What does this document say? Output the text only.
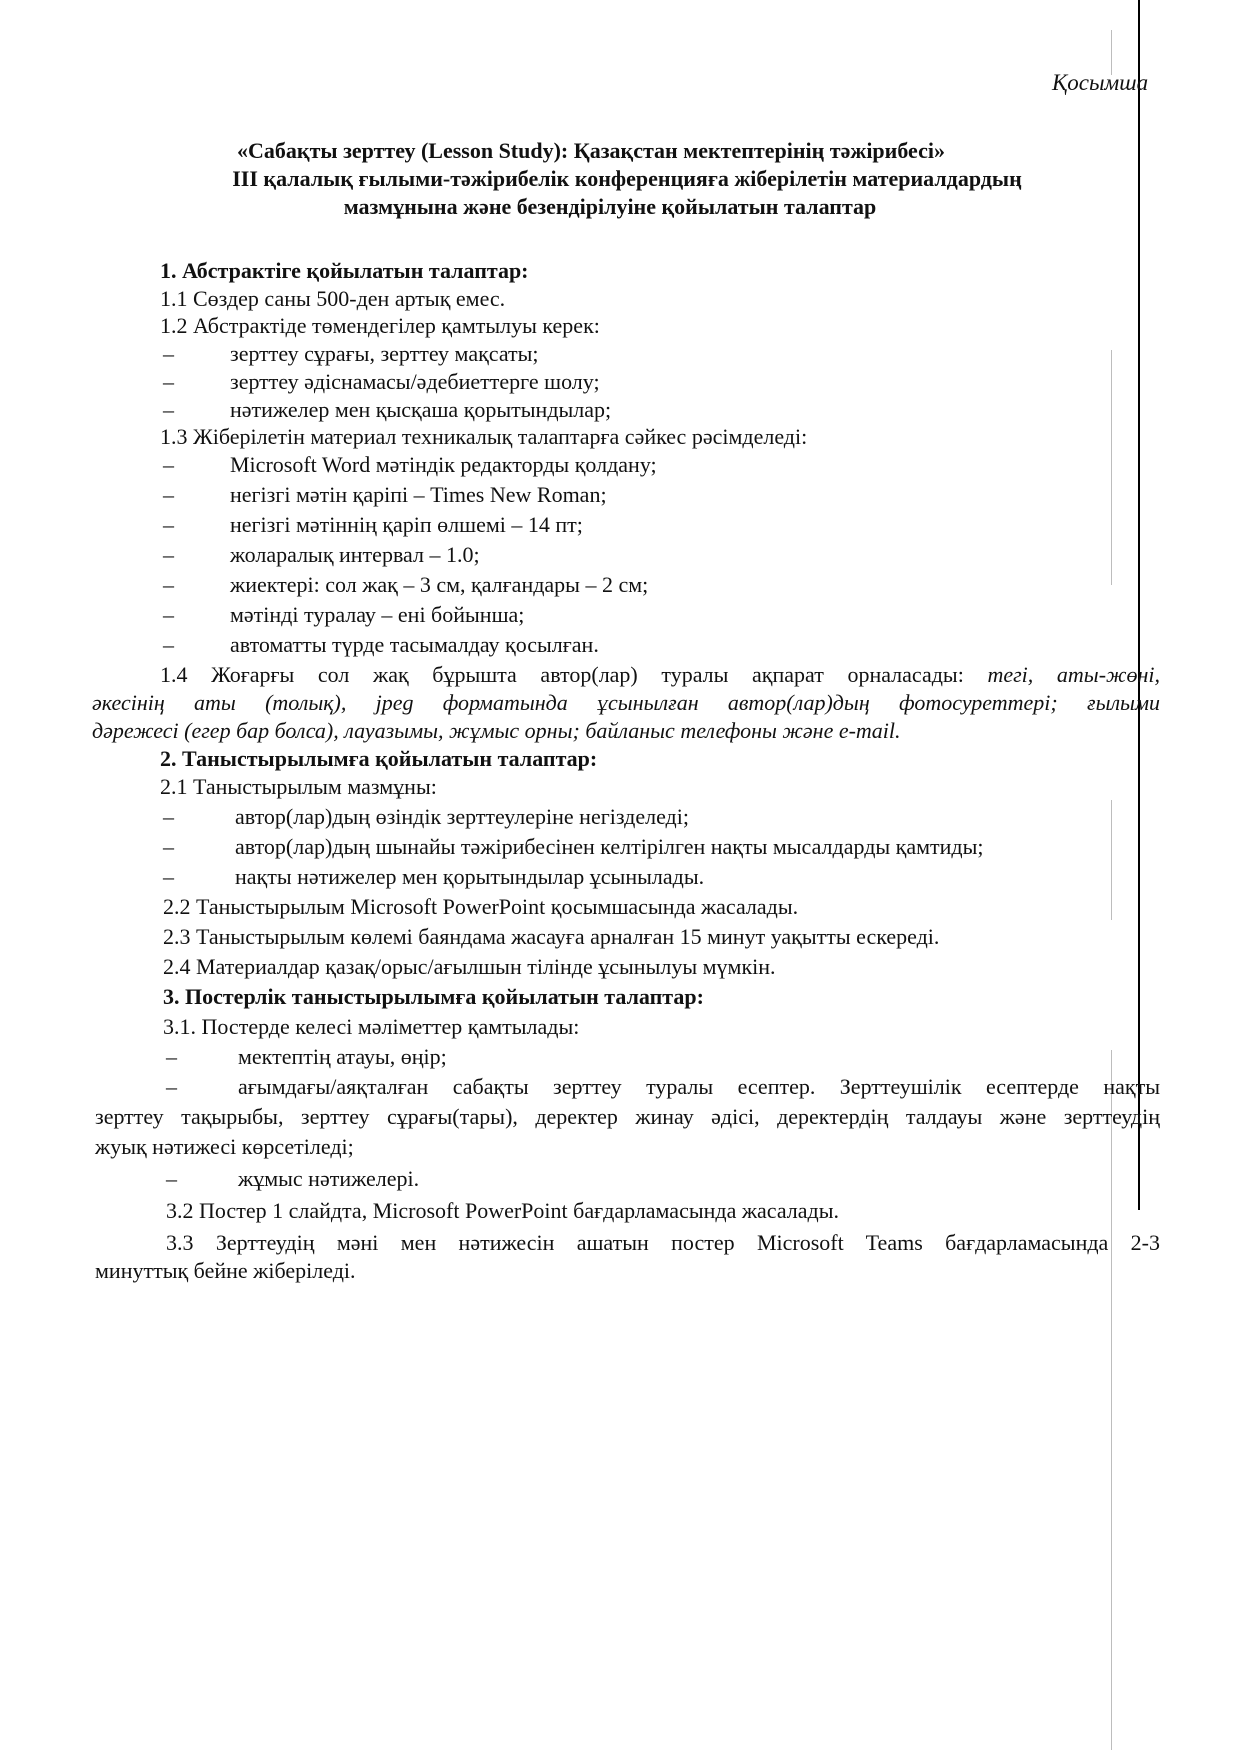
Қосымша
«Сабақты зерттеу (Lesson Study): Қазақстан мектептерінің тәжірибесі»
ІІІ қалалық ғылыми-тәжірибелік конференцияға жіберілетін материалдардың
мазмұнына және безендірілуіне қойылатын талаптар
1. Абстрактіге қойылатын талаптар:
1.1 Сөздер саны 500-ден артық емес.
1.2 Абстрактіде төмендегілер қамтылуы керек:
–	зерттеу сұрағы, зерттеу мақсаты;
–	зерттеу әдіснамасы/әдебиеттерге шолу;
–	нәтижелер мен қысқаша қорытындылар;
1.3 Жіберілетін материал техникалық талаптарға сәйкес рәсімделеді:
–	Microsoft Word мәтіндік редакторды қолдану;
–	негізгі мәтін қаріпі – Times New Roman;
–	негізгі мәтіннің қаріп өлшемі – 14 пт;
–	жоларалық интервал – 1.0;
–	жиектері: сол жақ – 3 см, қалғандары – 2 см;
–	мәтінді туралау – ені бойынша;
–	автоматты түрде тасымалдау қосылған.
1.4 Жоғарғы сол жақ бұрышта автор(лар) туралы ақпарат орналасады: тегі, аты-жөні,
әкесінің аты (толық), jpeg форматында ұсынылған автор(лар)дың фотосуреттері; ғылыми
дәрежесі (егер бар болса), лауазымы, жұмыс орны; байланыс телефоны және e-mail.
2. Таныстырылымға қойылатын талаптар:
2.1 Таныстырылым мазмұны:
–	автор(лар)дың өзіндік зерттеулеріне негізделеді;
–	автор(лар)дың шынайы тәжірибесінен келтірілген нақты мысалдарды қамтиды;
–	нақты нәтижелер мен қорытындылар ұсынылады.
2.2 Таныстырылым Microsoft PowerPoint қосымшасында жасалады.
2.3 Таныстырылым көлемі баяндама жасауға арналған 15 минут уақытты ескереді.
2.4 Материалдар қазақ/орыс/ағылшын тілінде ұсынылуы мүмкін.
3. Постерлік таныстырылымға қойылатын талаптар:
3.1. Постерде келесі мәліметтер қамтылады:
–	мектептің атауы, өңір;
–	ағымдағы/аяқталған сабақты зерттеу туралы есептер. Зерттеушілік есептерде нақты
зерттеу тақырыбы, зерттеу сұрағы(тары), деректер жинау әдісі, деректердің талдауы және зерттеудің
жуық нәтижесі көрсетіледі;
–	жұмыс нәтижелері.
3.2 Постер 1 слайдта, Microsoft PowerPoint бағдарламасында жасалады.
3.3 Зерттеудің мәні мен нәтижесін ашатын постер Microsoft Teams бағдарламасында 2-3
минуттық бейне жіберіледі.
